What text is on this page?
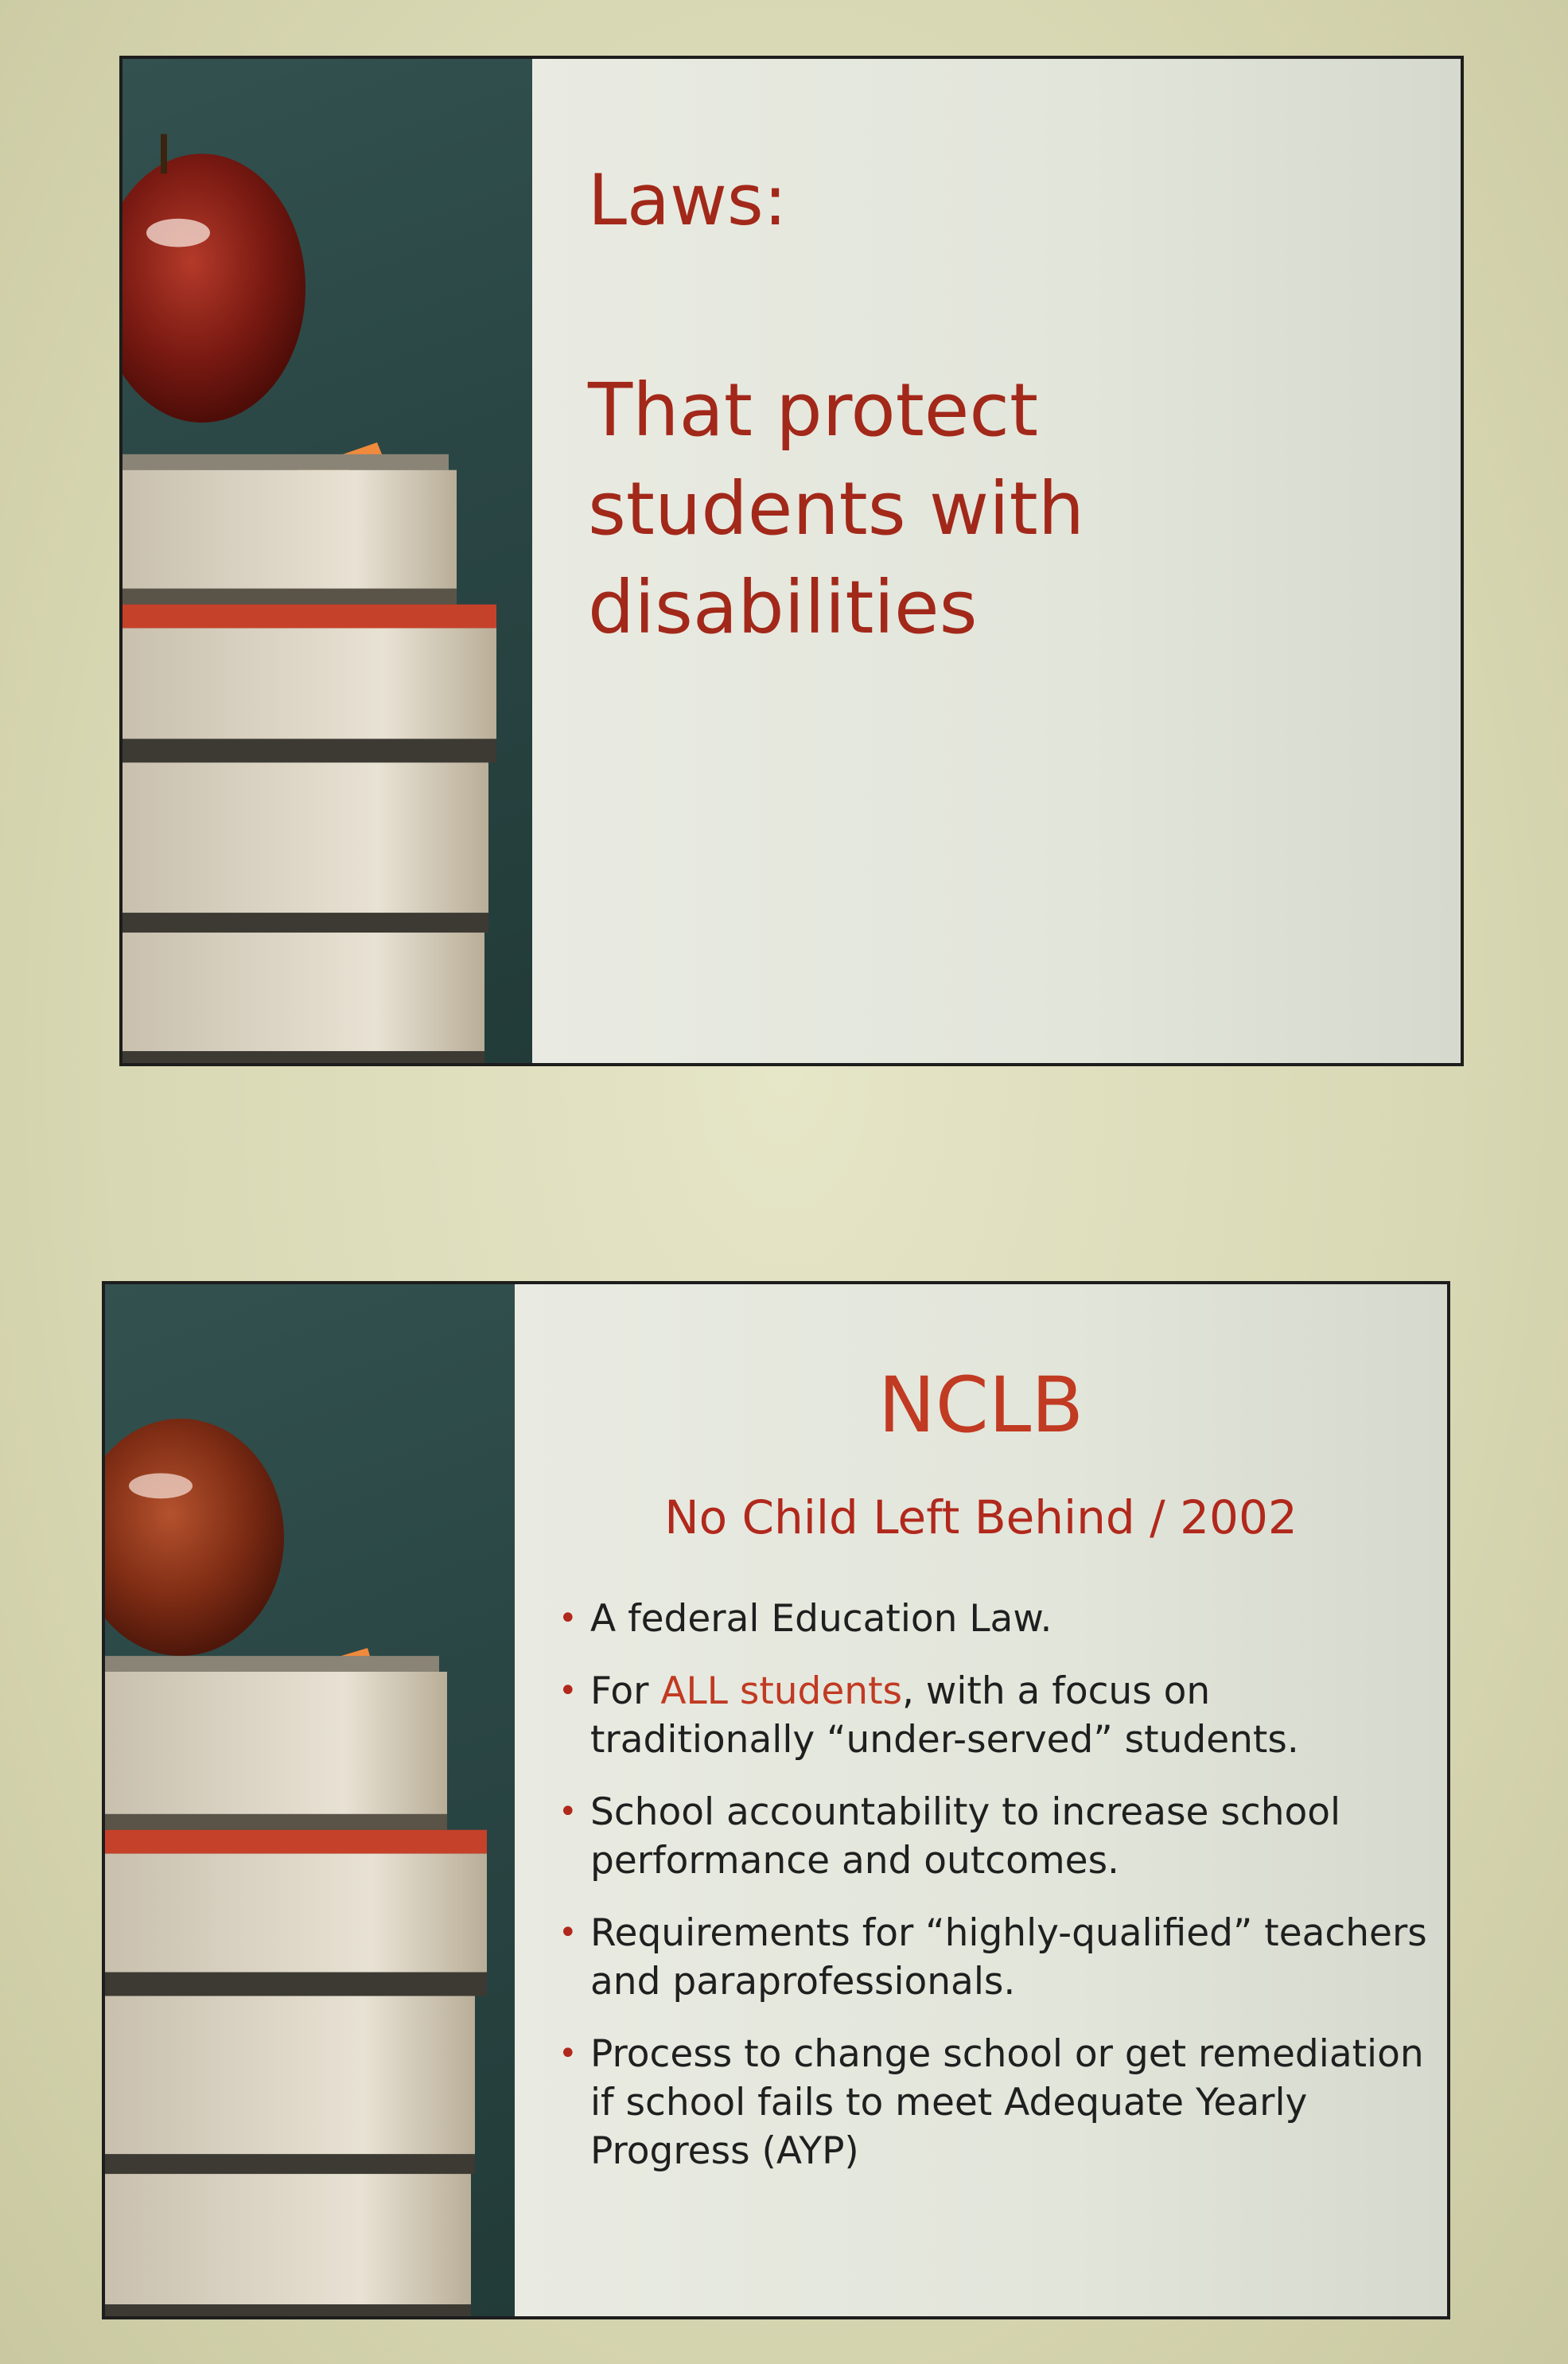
Laws:
That protect students with disabilities
NCLB
No Child Left Behind / 2002
• A federal Education Law.
• For ALL students, with a focus on traditionally “under-served” students.
• School accountability to increase school performance and outcomes.
• Requirements for “highly-qualified” teachers and paraprofessionals.
• Process to change school or get remediation if school fails to meet Adequate Yearly Progress (AYP)
